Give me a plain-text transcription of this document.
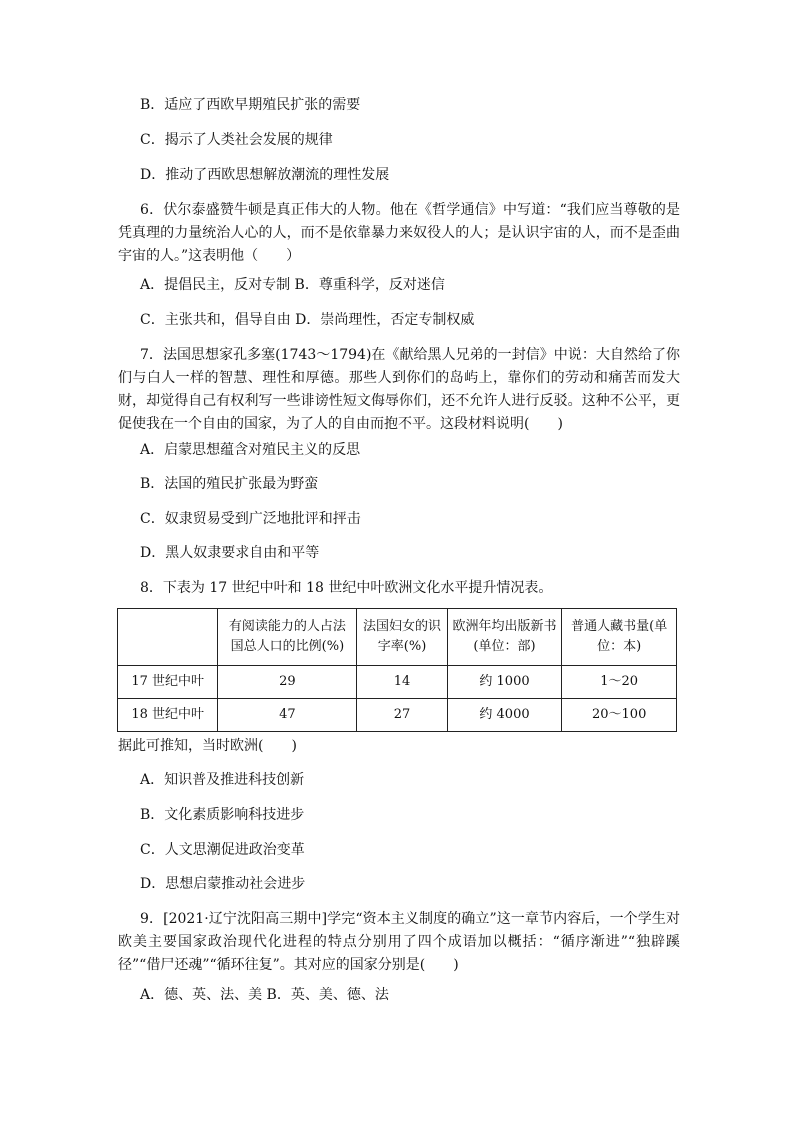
B．适应了西欧早期殖民扩张的需要
C．揭示了人类社会发展的规律
D．推动了西欧思想解放潮流的理性发展
6．伏尔泰盛赞牛顿是真正伟大的人物。他在《哲学通信》中写道：“我们应当尊敬的是凭真理的力量统治人心的人，而不是依靠暴力来奴役人的人；是认识宇宙的人，而不是歪曲宇宙的人。”这表明他（　　）
A．提倡民主，反对专制 B．尊重科学，反对迷信
C．主张共和，倡导自由 D．崇尚理性，否定专制权威
7．法国思想家孔多塞(1743～1794)在《献给黑人兄弟的一封信》中说：大自然给了你们与白人一样的智慧、理性和厚德。那些人到你们的岛屿上，靠你们的劳动和痛苦而发大财，却觉得自己有权利写一些诽谤性短文侮辱你们，还不允许人进行反驳。这种不公平，更促使我在一个自由的国家，为了人的自由而抱不平。这段材料说明(　　)
A．启蒙思想蕴含对殖民主义的反思
B．法国的殖民扩张最为野蛮
C．奴隶贸易受到广泛地批评和抨击
D．黑人奴隶要求自由和平等
8．下表为 17 世纪中叶和 18 世纪中叶欧洲文化水平提升情况表。
	有阅读能力的人占法国总人口的比例(%)	法国妇女的识字率(%)	欧洲年均出版新书(单位：部)	普通人藏书量(单位：本)
17 世纪中叶	29	14	约 1000	1～20
18 世纪中叶	47	27	约 4000	20～100
据此可推知，当时欧洲(　　)
A．知识普及推进科技创新
B．文化素质影响科技进步
C．人文思潮促进政治变革
D．思想启蒙推动社会进步
9．[2021·辽宁沈阳高三期中]学完“资本主义制度的确立”这一章节内容后，一个学生对欧美主要国家政治现代化进程的特点分别用了四个成语加以概括：“循序渐进”“独辟蹊径”“借尸还魂”“循环往复”。其对应的国家分别是(　　)
A．德、英、法、美 B．英、美、德、法
